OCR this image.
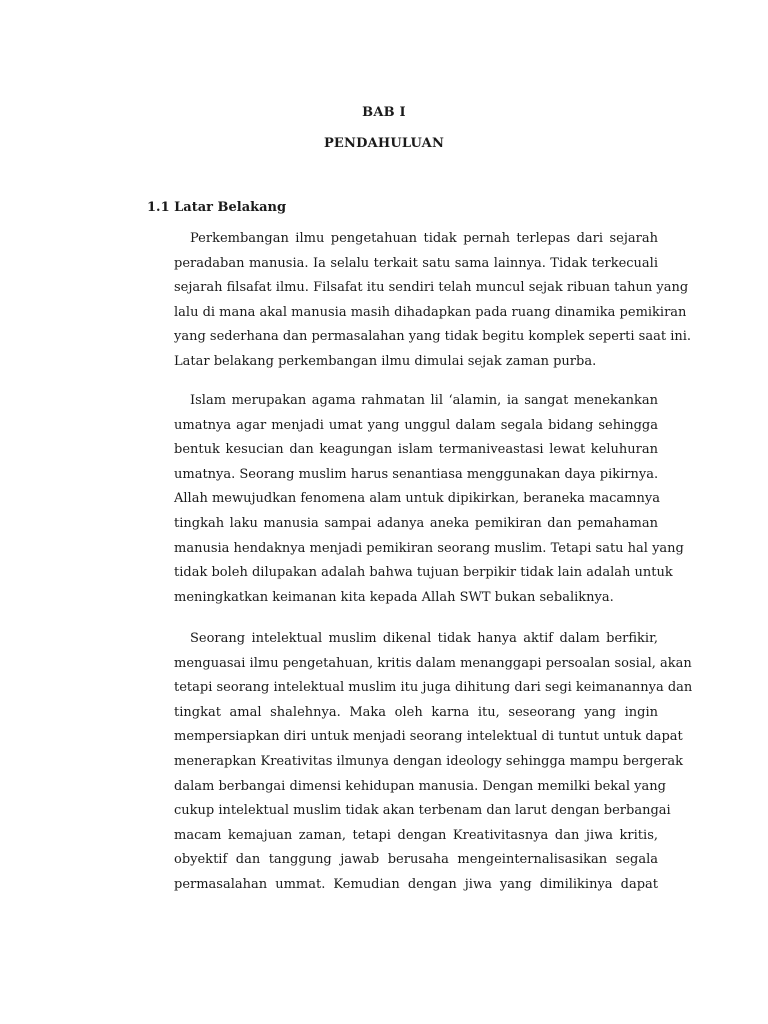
BAB I
PENDAHULUAN
1.1 Latar Belakang

Perkembangan ilmu pengetahuan tidak pernah terlepas dari sejarah
peradaban manusia. Ia selalu terkait satu sama lainnya. Tidak terkecuali
sejarah filsafat ilmu. Filsafat itu sendiri telah muncul sejak ribuan tahun yang
lalu di mana akal manusia masih dihadapkan pada ruang dinamika pemikiran
yang sederhana dan permasalahan yang tidak begitu komplek seperti saat ini.
Latar belakang perkembangan ilmu dimulai sejak zaman purba.

Islam merupakan agama rahmatan lil ‘alamin, ia sangat menekankan
umatnya agar menjadi umat yang unggul dalam segala bidang sehingga
bentuk kesucian dan keagungan islam termaniveastasi lewat keluhuran
umatnya. Seorang muslim harus senantiasa menggunakan daya pikirnya.
Allah mewujudkan fenomena alam untuk dipikirkan, beraneka macamnya
tingkah laku manusia sampai adanya aneka pemikiran dan pemahaman
manusia hendaknya menjadi pemikiran seorang muslim. Tetapi satu hal yang
tidak boleh dilupakan adalah bahwa tujuan berpikir tidak lain adalah untuk
meningkatkan keimanan kita kepada Allah SWT bukan sebaliknya.

Seorang intelektual muslim dikenal tidak hanya aktif dalam berfikir,
menguasai ilmu pengetahuan, kritis dalam menanggapi persoalan sosial, akan
tetapi seorang intelektual muslim itu juga dihitung dari segi keimanannya dan
tingkat amal shalehnya. Maka oleh karna itu, seseorang yang ingin
mempersiapkan diri untuk menjadi seorang intelektual di tuntut untuk dapat
menerapkan Kreativitas ilmunya dengan ideology sehingga mampu bergerak
dalam berbangai dimensi kehidupan manusia. Dengan memilki bekal yang
cukup intelektual muslim tidak akan terbenam dan larut dengan berbangai
macam kemajuan zaman, tetapi dengan Kreativitasnya dan jiwa kritis,
obyektif dan tanggung jawab berusaha mengeinternalisasikan segala
permasalahan ummat. Kemudian dengan jiwa yang dimilikinya dapat
